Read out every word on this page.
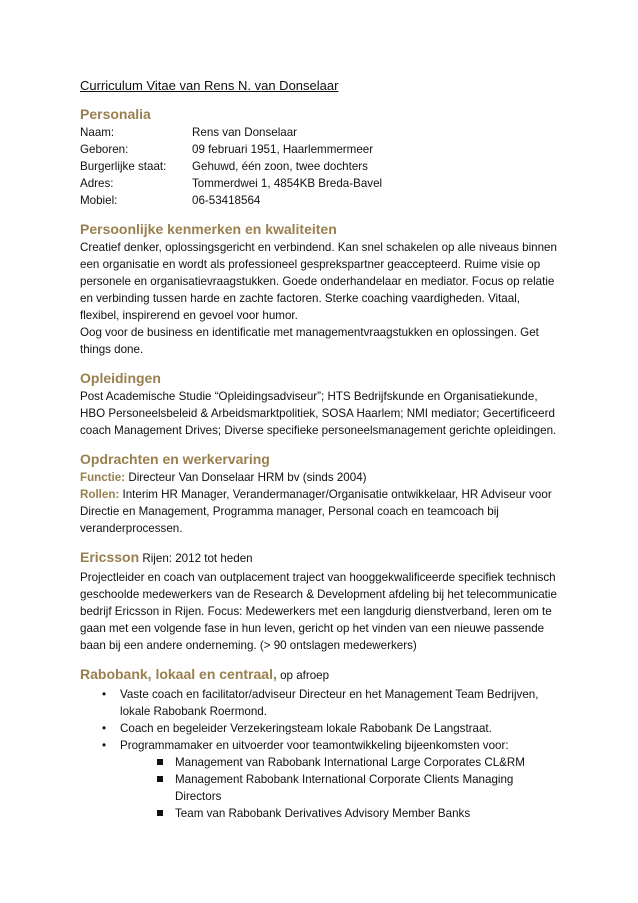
Curriculum Vitae van Rens N. van Donselaar

Personalia

Naam:	Rens van Donselaar
Geboren:	09 februari 1951, Haarlemmermeer
Burgerlijke staat:	Gehuwd, één zoon, twee dochters
Adres:	Tommerdwei 1, 4854KB Breda-Bavel
Mobiel:	06-53418564

Persoonlijke kenmerken en kwaliteiten

Creatief denker, oplossingsgericht en verbindend. Kan snel schakelen op alle niveaus binnen

een organisatie en wordt als professioneel gesprekspartner geaccepteerd. Ruime visie op

personele en organisatievraagstukken. Goede onderhandelaar en mediator. Focus op relatie

en verbinding tussen harde en zachte factoren. Sterke coaching vaardigheden. Vitaal,

flexibel, inspirerend en gevoel voor humor.

Oog voor de business en identificatie met managementvraagstukken en oplossingen. Get

things done.

Opleidingen

Post Academische Studie “Opleidingsadviseur”; HTS Bedrijfskunde en Organisatiekunde,

HBO Personeelsbeleid & Arbeidsmarktpolitiek, SOSA Haarlem; NMI mediator; Gecertificeerd

coach Management Drives; Diverse specifieke personeelsmanagement gerichte opleidingen.

Opdrachten en werkervaring

Functie: Directeur Van Donselaar HRM bv (sinds 2004)

Rollen: Interim HR Manager, Verandermanager/Organisatie ontwikkelaar, HR Adviseur voor

Directie en Management, Programma manager, Personal coach en teamcoach bij

veranderprocessen.

Ericsson Rijen: 2012 tot heden

Projectleider en coach van outplacement traject van hooggekwalificeerde specifiek technisch

geschoolde medewerkers van de Research & Development afdeling bij het telecommunicatie

bedrijf Ericsson in Rijen. Focus: Medewerkers met een langdurig dienstverband, leren om te

gaan met een volgende fase in hun leven, gericht op het vinden van een nieuwe passende

baan bij een andere onderneming. (> 90 ontslagen medewerkers)

Rabobank, lokaal en centraal, op afroep

• Vaste coach en facilitator/adviseur Directeur en het Management Team Bedrijven,
lokale Rabobank Roermond.
• Coach en begeleider Verzekeringsteam lokale Rabobank De Langstraat.
• Programmamaker en uitvoerder voor teamontwikkeling bijeenkomsten voor:
Management van Rabobank International Large Corporates CL&RM
Management Rabobank International Corporate Clients Managing
Directors
Team van Rabobank Derivatives Advisory Member Banks
